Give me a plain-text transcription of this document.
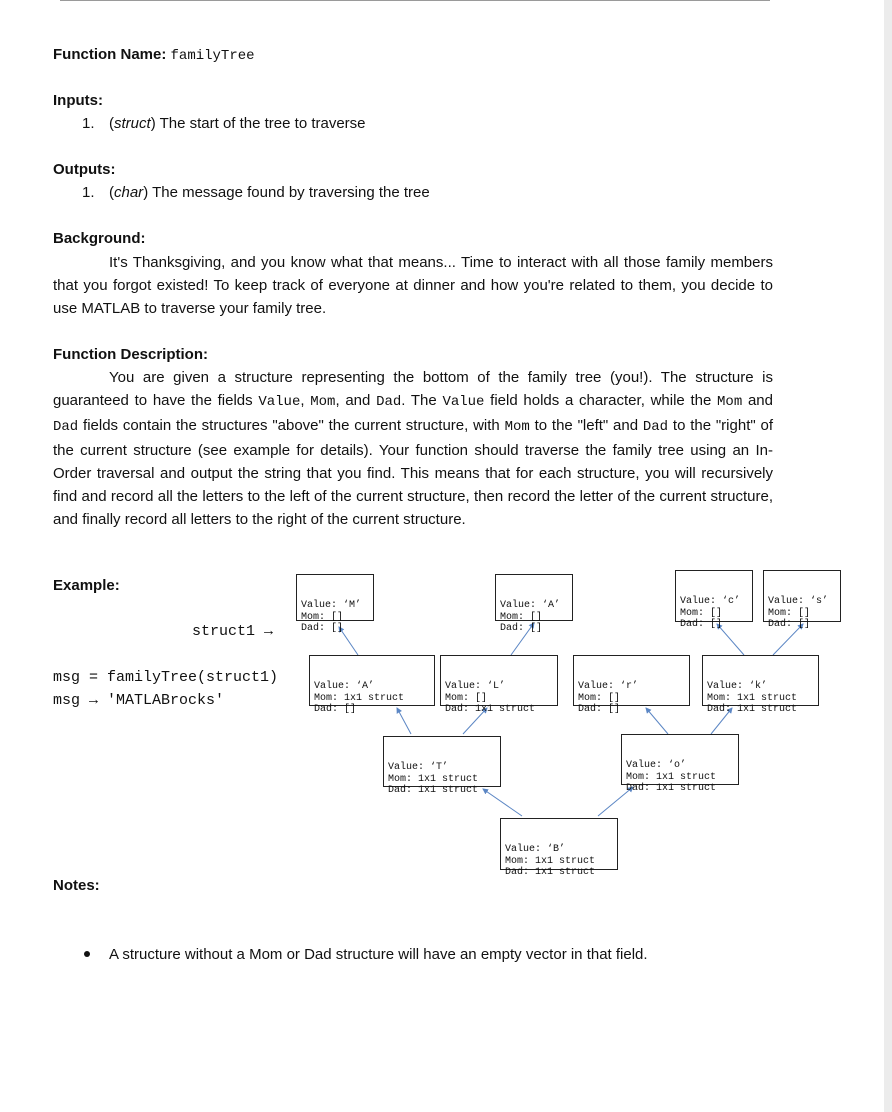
Function Name: familyTree
Inputs:
1. (struct) The start of the tree to traverse
Outputs:
1. (char) The message found by traversing the tree
Background:

It's Thanksgiving, and you know what that means... Time to interact with all those family members that you forgot existed! To keep track of everyone at dinner and how you're related to them, you decide to use MATLAB to traverse your family tree.

Function Description:

You are given a structure representing the bottom of the family tree (you!). The structure is guaranteed to have the fields Value, Mom, and Dad. The Value field holds a character, while the Mom and Dad fields contain the structures "above" the current structure, with Mom to the "left" and Dad to the "right" of the current structure (see example for details). Your function should traverse the family tree using an In-Order traversal and output the string that you find. This means that for each structure, you will recursively find and record all the letters to the left of the current structure, then record the letter of the current structure, and finally record all letters to the right of the current structure.

Example:
struct1 →
msg = familyTree(struct1)
msg → 'MATLABrocks'

Value: ‘M’
Mom: []
Dad: []

Value: ‘A’
Mom: []
Dad: []

Value: ‘c’
Mom: []
Dad: []

Value: ‘s’
Mom: []
Dad: []

Value: ‘A’
Mom: 1x1 struct
Dad: []

Value: ‘L’
Mom: []
Dad: 1x1 struct

Value: ‘r’
Mom: []
Dad: []

Value: ‘k’
Mom: 1x1 struct
Dad: 1x1 struct

Value: ‘T’
Mom: 1x1 struct
Dad: 1x1 struct

Value: ‘o’
Mom: 1x1 struct
Dad: 1x1 struct

Value: ‘B’
Mom: 1x1 struct
Dad: 1x1 struct

Notes:
A structure without a Mom or Dad structure will have an empty vector in that field.
